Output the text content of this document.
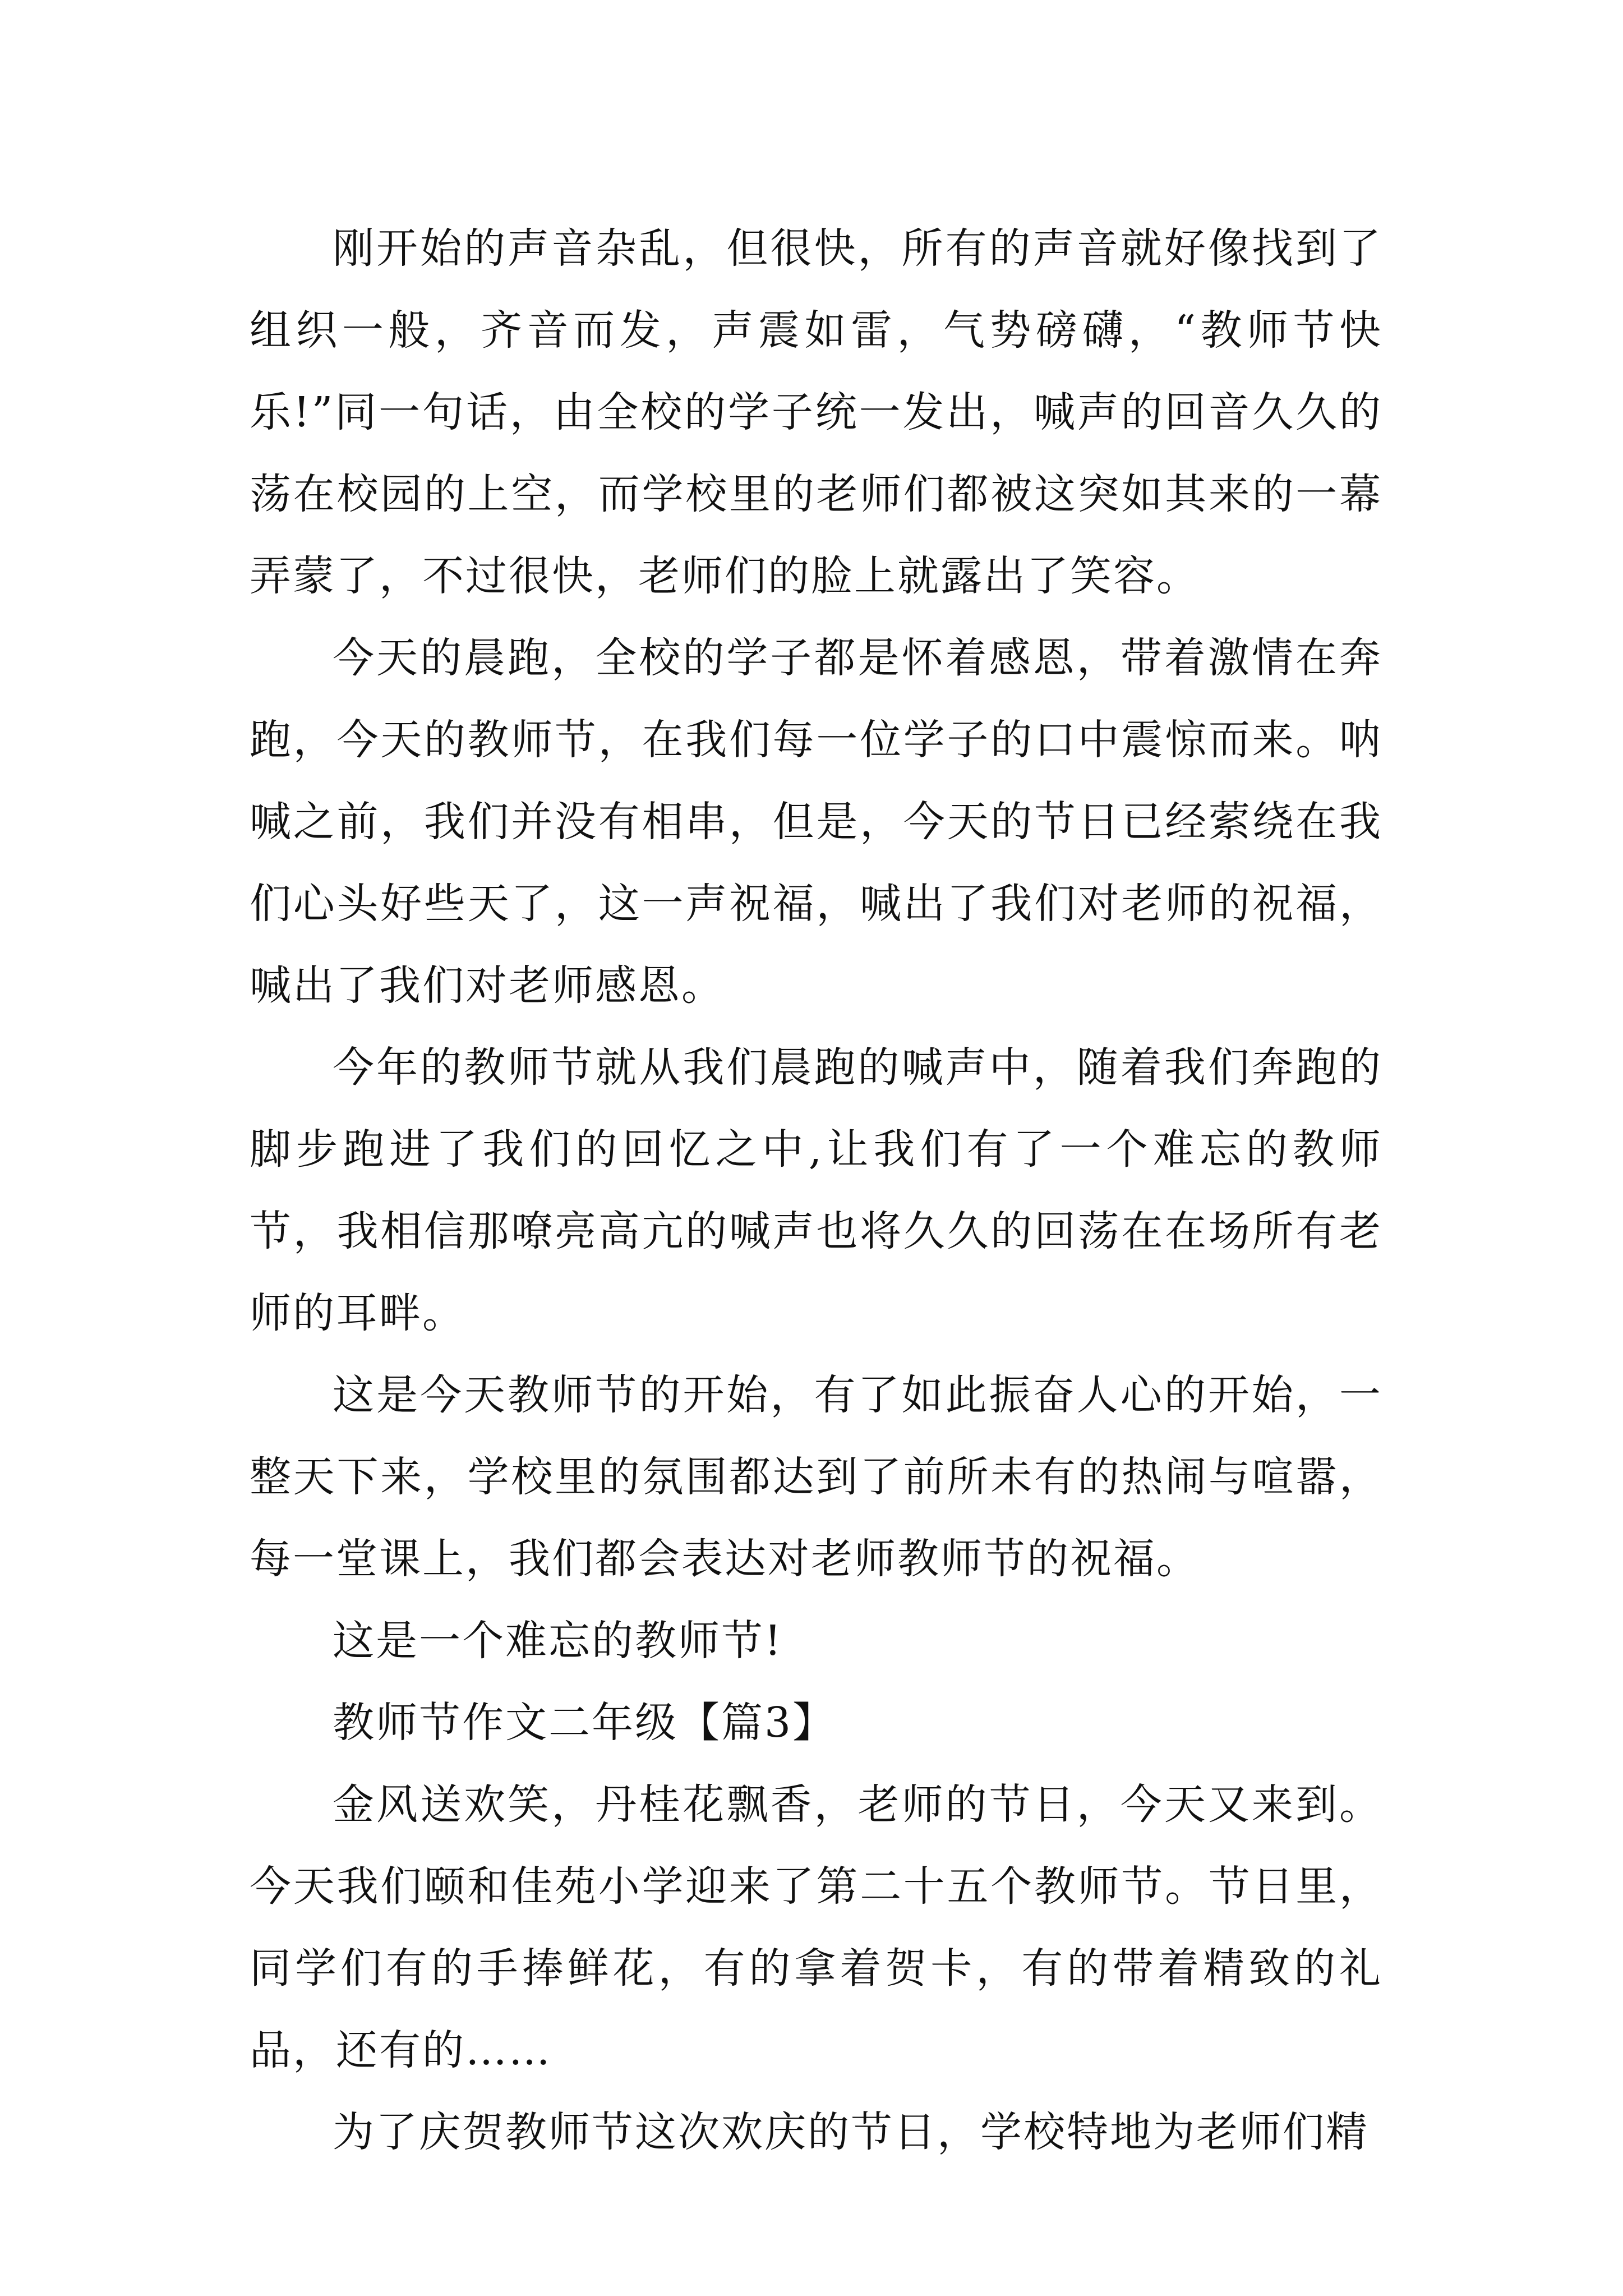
刚开始的声音杂乱，但很快，所有的声音就好像找到了组织一般，齐音而发，声震如雷，气势磅礴，“教师节快乐!”同一句话，由全校的学子统一发出，喊声的回音久久的荡在校园的上空，而学校里的老师们都被这突如其来的一幕弄蒙了，不过很快，老师们的脸上就露出了笑容。

今天的晨跑，全校的学子都是怀着感恩，带着激情在奔跑，今天的教师节，在我们每一位学子的口中震惊而来。呐喊之前，我们并没有相串，但是，今天的节日已经萦绕在我们心头好些天了，这一声祝福，喊出了我们对老师的祝福，喊出了我们对老师感恩。

今年的教师节就从我们晨跑的喊声中，随着我们奔跑的脚步跑进了我们的回忆之中,让我们有了一个难忘的教师节，我相信那嘹亮高亢的喊声也将久久的回荡在在场所有老师的耳畔。

这是今天教师节的开始，有了如此振奋人心的开始，一整天下来，学校里的氛围都达到了前所未有的热闹与喧嚣，每一堂课上，我们都会表达对老师教师节的祝福。

这是一个难忘的教师节!

教师节作文二年级【篇3】

金风送欢笑，丹桂花飘香，老师的节日，今天又来到。今天我们颐和佳苑小学迎来了第二十五个教师节。节日里，同学们有的手捧鲜花，有的拿着贺卡，有的带着精致的礼品，还有的……

为了庆贺教师节这次欢庆的节日，学校特地为老师们精
